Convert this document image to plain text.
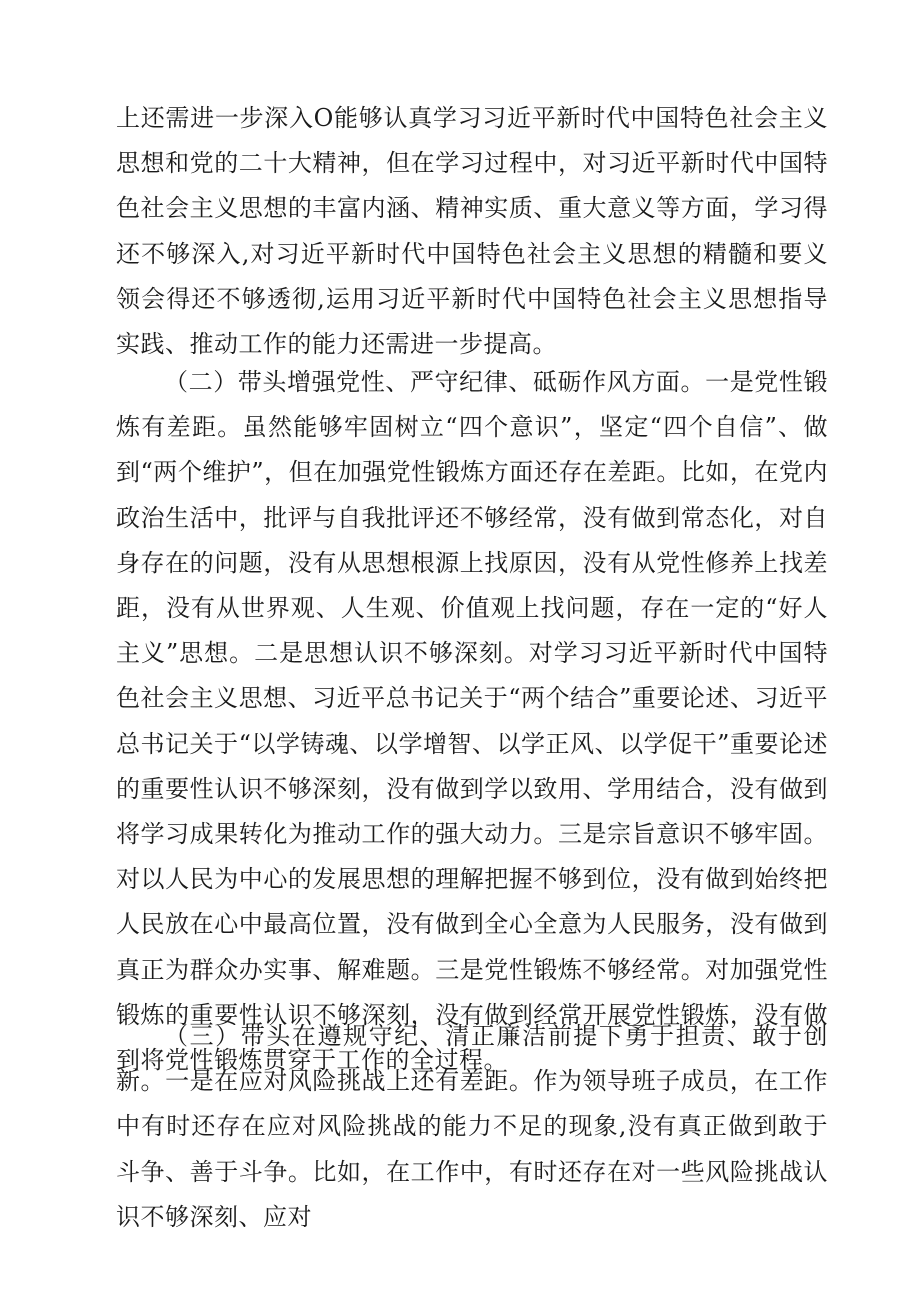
上还需进一步深入O能够认真学习习近平新时代中国特色社会主义思想和党的二十大精神，但在学习过程中，对习近平新时代中国特色社会主义思想的丰富内涵、精神实质、重大意义等方面，学习得还不够深入,对习近平新时代中国特色社会主义思想的精髓和要义领会得还不够透彻,运用习近平新时代中国特色社会主义思想指导实践、推动工作的能力还需进一步提高。

（二）带头增强党性、严守纪律、砥砺作风方面。一是党性锻炼有差距。虽然能够牢固树立“四个意识”，坚定“四个自信”、做到“两个维护”，但在加强党性锻炼方面还存在差距。比如，在党内政治生活中，批评与自我批评还不够经常，没有做到常态化，对自身存在的问题，没有从思想根源上找原因，没有从党性修养上找差距，没有从世界观、人生观、价值观上找问题，存在一定的“好人主义”思想。二是思想认识不够深刻。对学习习近平新时代中国特色社会主义思想、习近平总书记关于“两个结合”重要论述、习近平总书记关于“以学铸魂、以学增智、以学正风、以学促干”重要论述的重要性认识不够深刻，没有做到学以致用、学用结合，没有做到将学习成果转化为推动工作的强大动力。三是宗旨意识不够牢固。对以人民为中心的发展思想的理解把握不够到位，没有做到始终把人民放在心中最高位置，没有做到全心全意为人民服务，没有做到真正为群众办实事、解难题。三是党性锻炼不够经常。对加强党性锻炼的重要性认识不够深刻，没有做到经常开展党性锻炼，没有做到将党性锻炼贯穿于工作的全过程。

（三）带头在遵规守纪、清正廉洁前提下勇于担责、敢于创新。一是在应对风险挑战上还有差距。作为领导班子成员，在工作中有时还存在应对风险挑战的能力不足的现象,没有真正做到敢于斗争、善于斗争。比如，在工作中，有时还存在对一些风险挑战认识不够深刻、应对
